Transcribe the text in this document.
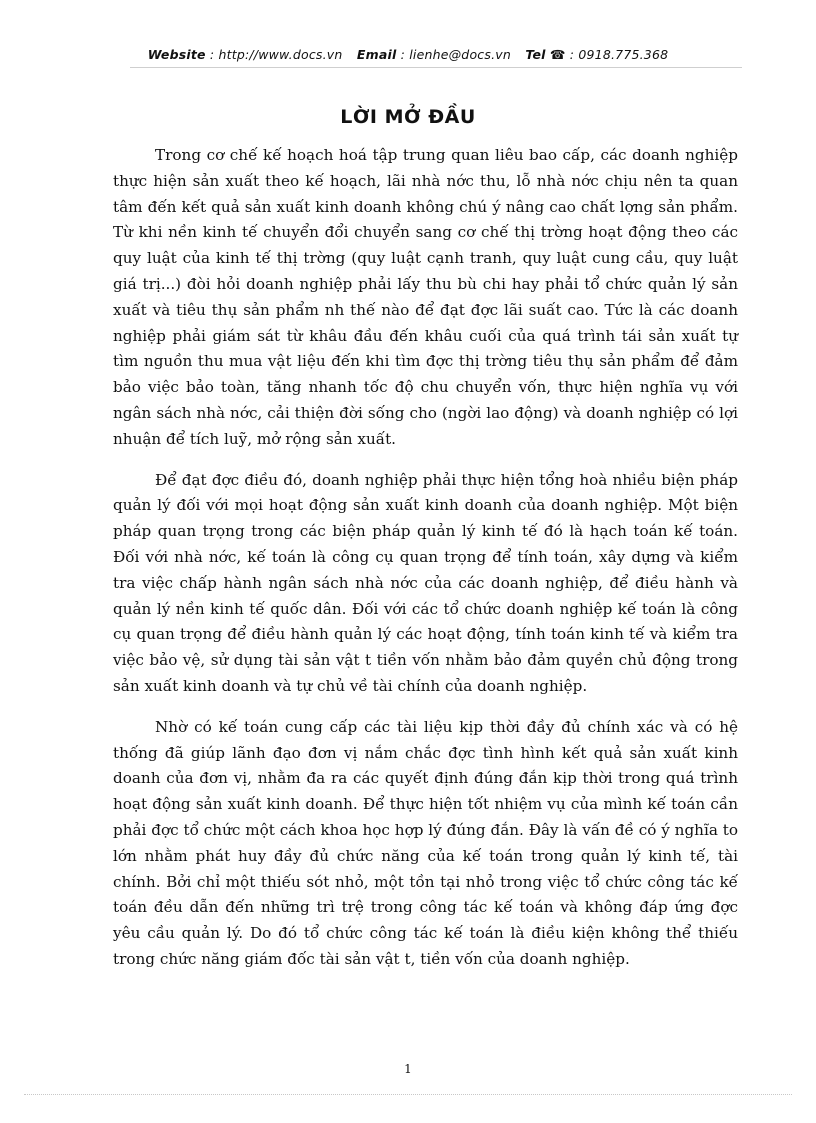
Website : http://www.docs.vn Email : lienhe@docs.vn Tel ☎ : 0918.775.368
LỜI MỞ ĐẦU

Trong cơ chế kế hoạch hoá tập trung quan liêu bao cấp, các doanh nghiệp thực hiện sản xuất theo kế hoạch, lãi nhà nớc thu, lỗ nhà nớc chịu nên ta quan tâm đến kết quả sản xuất kinh doanh không chú ý nâng cao chất lợng sản phẩm. Từ khi nền kinh tế chuyển đổi chuyển sang cơ chế thị trờng hoạt động theo các quy luật của kinh tế thị trờng (quy luật cạnh tranh, quy luật cung cầu, quy luật giá trị...) đòi hỏi doanh nghiệp phải lấy thu bù chi hay phải tổ chức quản lý sản xuất và tiêu thụ sản phẩm nh thế nào để đạt đợc lãi suất cao. Tức là các doanh nghiệp phải giám sát từ khâu đầu đến khâu cuối của quá trình tái sản xuất tự tìm nguồn thu mua vật liệu đến khi tìm đợc thị trờng tiêu thụ sản phẩm để đảm bảo việc bảo toàn, tăng nhanh tốc độ chu chuyển vốn, thực hiện nghĩa vụ với ngân sách nhà nớc, cải thiện đời sống cho (ngời lao động) và doanh nghiệp có lợi nhuận để tích luỹ, mở rộng sản xuất.

Để đạt đợc điều đó, doanh nghiệp phải thực hiện tổng hoà nhiều biện pháp quản lý đối với mọi hoạt động sản xuất kinh doanh của doanh nghiệp. Một biện pháp quan trọng trong các biện pháp quản lý kinh tế đó là hạch toán kế toán. Đối với nhà nớc, kế toán là công cụ quan trọng để tính toán, xây dựng và kiểm tra việc chấp hành ngân sách nhà nớc của các doanh nghiệp, để điều hành và quản lý nền kinh tế quốc dân. Đối với các tổ chức doanh nghiệp kế toán là công cụ quan trọng để điều hành quản lý các hoạt động, tính toán kinh tế và kiểm tra việc bảo vệ, sử dụng tài sản vật t tiền vốn nhằm bảo đảm quyền chủ động trong sản xuất kinh doanh và tự chủ về tài chính của doanh nghiệp.

Nhờ có kế toán cung cấp các tài liệu kịp thời đầy đủ chính xác và có hệ thống đã giúp lãnh đạo đơn vị nắm chắc đợc tình hình kết quả sản xuất kinh doanh của đơn vị, nhằm đa ra các quyết định đúng đắn kịp thời trong quá trình hoạt động sản xuất kinh doanh. Để thực hiện tốt nhiệm vụ của mình kế toán cần phải đợc tổ chức một cách khoa học hợp lý đúng đắn. Đây là vấn đề có ý nghĩa to lớn nhằm phát huy đầy đủ chức năng của kế toán trong quản lý kinh tế, tài chính. Bởi chỉ một thiếu sót nhỏ, một tồn tại nhỏ trong việc tổ chức công tác kế toán đều dẫn đến những trì trệ trong công tác kế toán và không đáp ứng đợc yêu cầu quản lý. Do đó tổ chức công tác kế toán là điều kiện không thể thiếu trong chức năng giám đốc tài sản vật t, tiền vốn của doanh nghiệp.

1
